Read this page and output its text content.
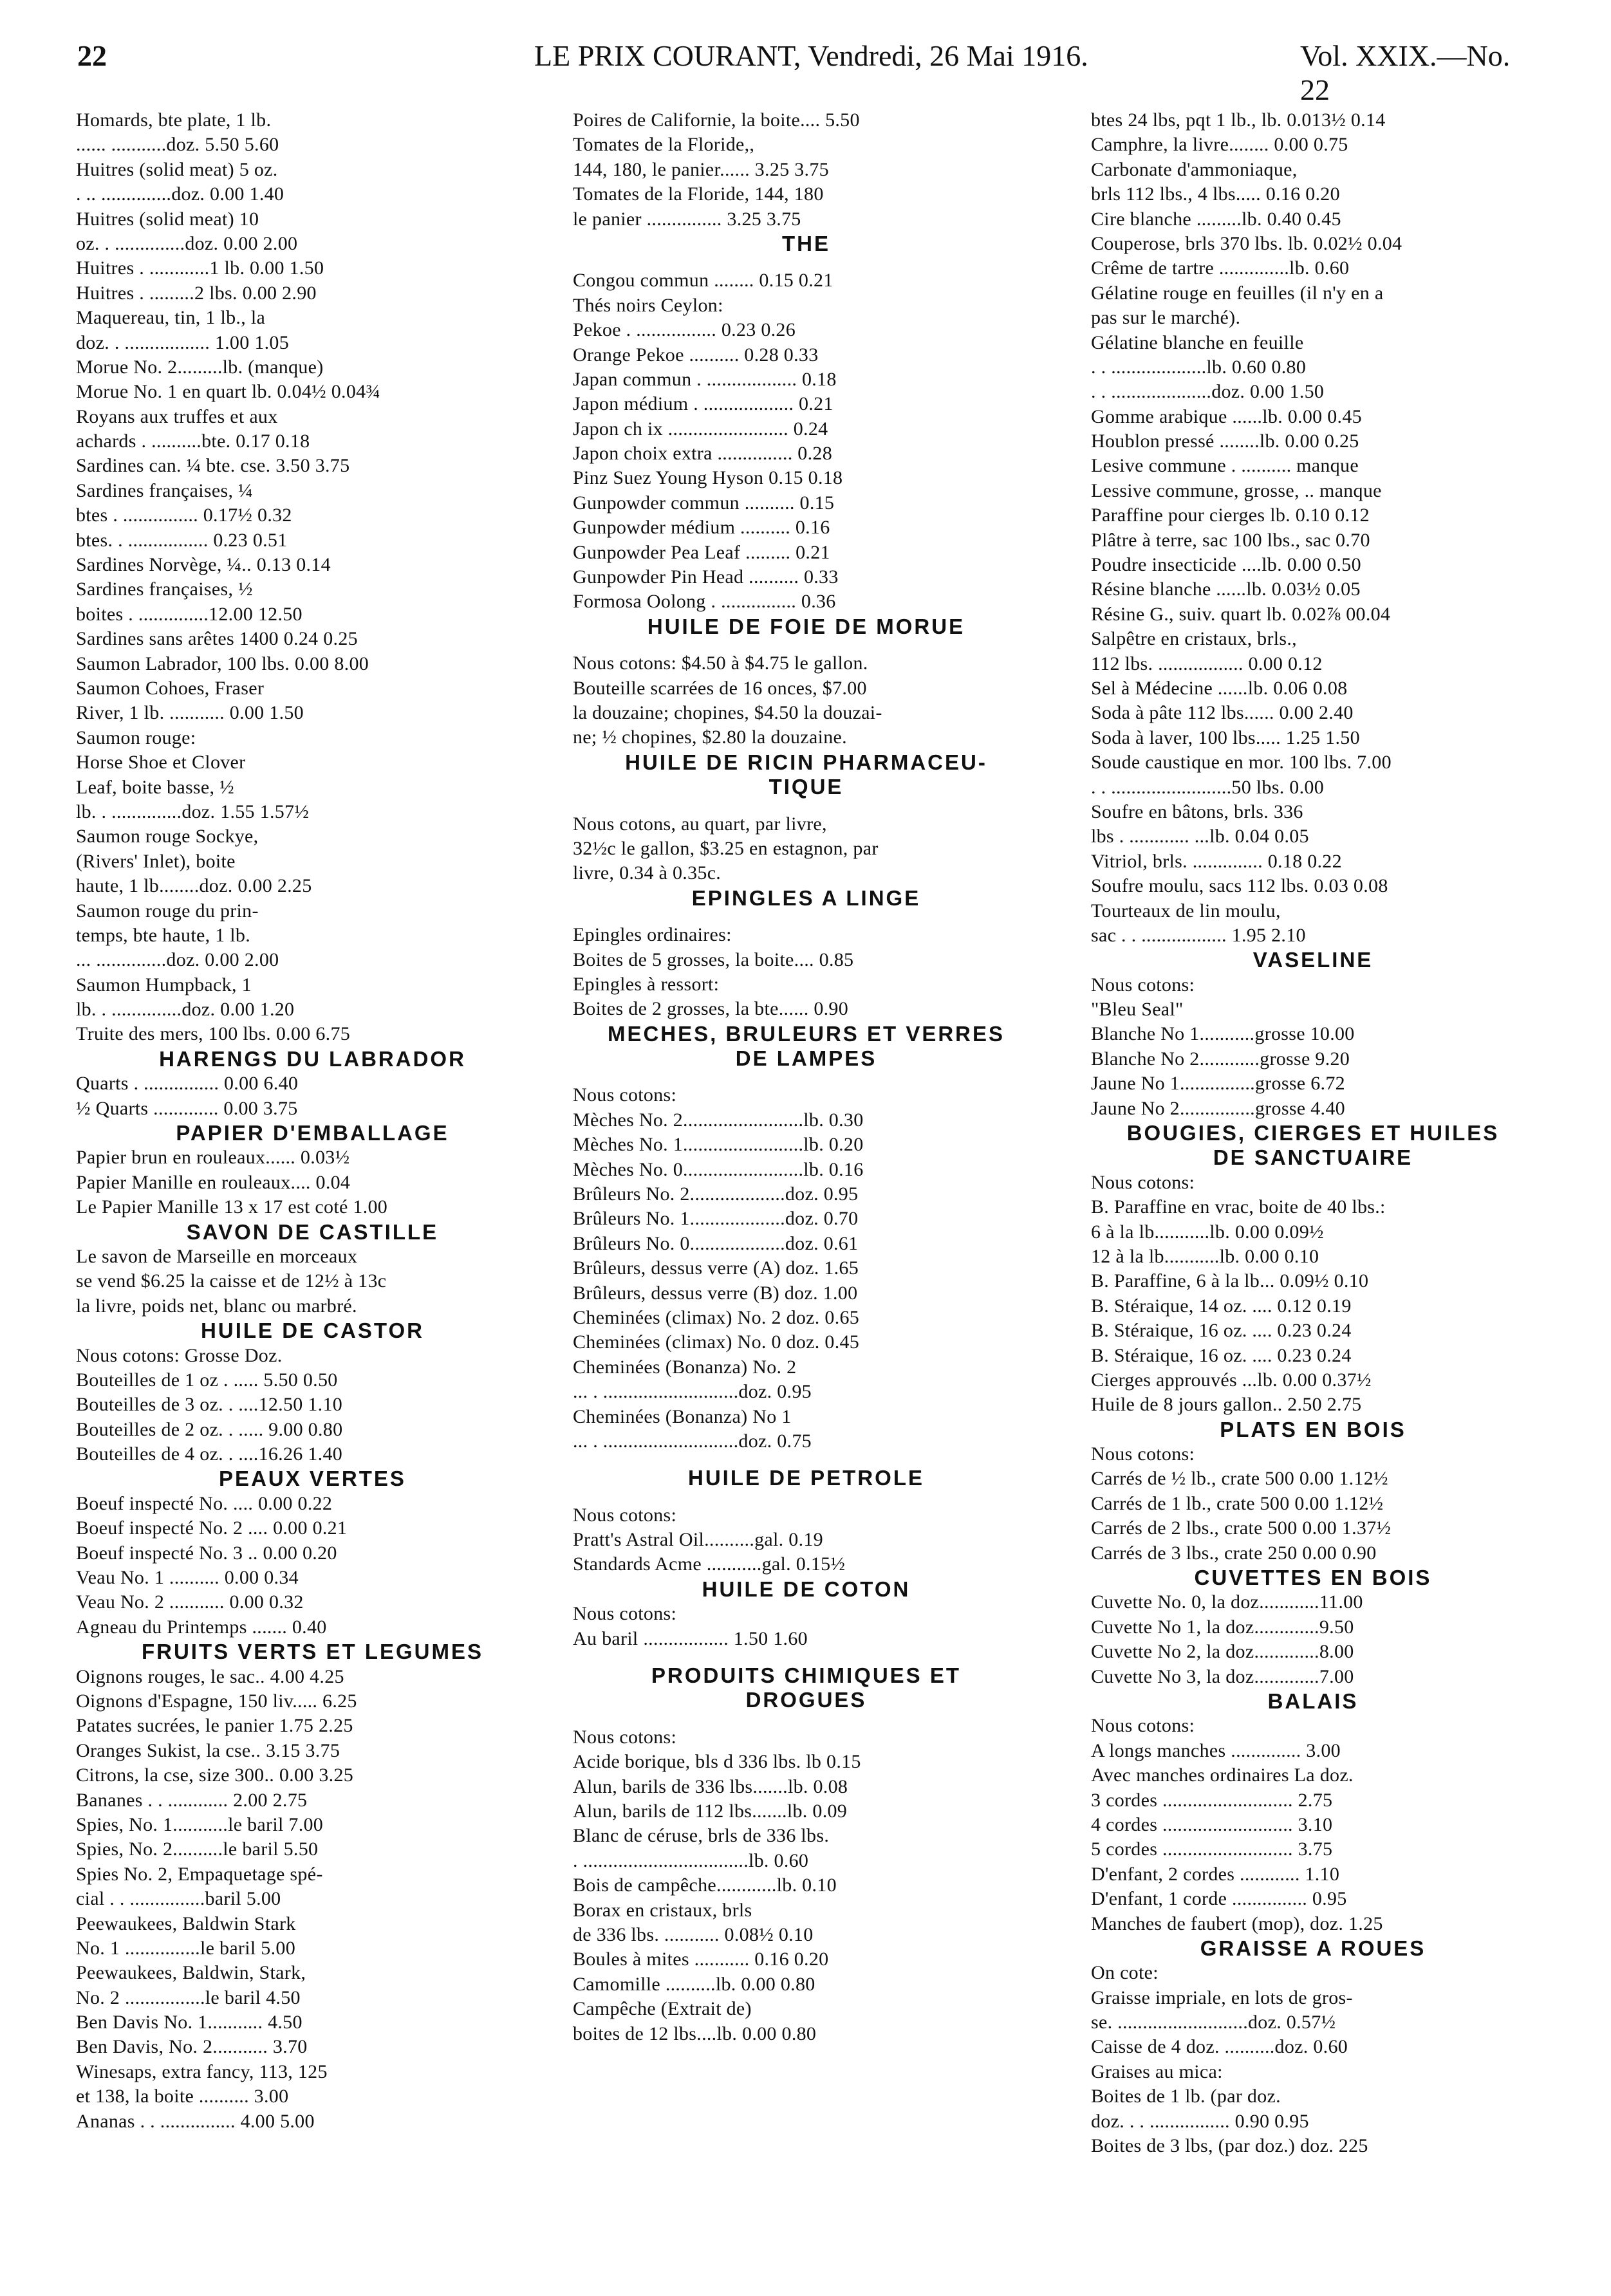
22	LE PRIX COURANT, Vendredi, 26 Mai 1916.	Vol. XXIX.—No. 22
Homards, bte plate, 1 lb.
...... ...........doz. 5.50 5.60
Huitres (solid meat) 5 oz.
. .. ..............doz. 0.00 1.40
Huitres (solid meat) 10
oz. . ..............doz. 0.00 2.00
Huitres . ............1 lb. 0.00 1.50
Huitres . .........2 lbs. 0.00 2.90
Maquereau, tin, 1 lb., la
doz. . ................. 1.00 1.05
Morue No. 2.........lb. (manque)
Morue No. 1 en quart lb. 0.04½ 0.04¾
Royans aux truffes et aux
achards . ..........bte. 0.17 0.18
Sardines can. ¼ bte. cse. 3.50 3.75
Sardines françaises, ¼
btes . ............... 0.17½ 0.32
btes. . ................ 0.23 0.51
Sardines Norvège, ¼.. 0.13 0.14
Sardines françaises, ½
boites . ..............12.00 12.50
Sardines sans arêtes 1400 0.24 0.25
Saumon Labrador, 100 lbs. 0.00 8.00
Saumon Cohoes, Fraser
River, 1 lb. ........... 0.00 1.50
Saumon rouge:
Horse Shoe et Clover
Leaf, boite basse, ½
lb. . ..............doz. 1.55 1.57½
Saumon rouge Sockye,
(Rivers' Inlet), boite
haute, 1 lb........doz. 0.00 2.25
Saumon rouge du prin-
temps, bte haute, 1 lb.
... ..............doz. 0.00 2.00
Saumon Humpback, 1
lb. . ..............doz. 0.00 1.20
Truite des mers, 100 lbs. 0.00 6.75
HARENGS DU LABRADOR
Quarts . ............... 0.00 6.40
½ Quarts ............. 0.00 3.75
PAPIER D'EMBALLAGE
Papier brun en rouleaux...... 0.03½
Papier Manille en rouleaux.... 0.04
Le Papier Manille 13 x 17 est coté 1.00
SAVON DE CASTILLE
Le savon de Marseille en morceaux
se vend $6.25 la caisse et de 12½ à 13c
la livre, poids net, blanc ou marbré.
HUILE DE CASTOR
Nous cotons: Grosse Doz.
Bouteilles de 1 oz . ..... 5.50 0.50
Bouteilles de 3 oz. . ....12.50 1.10
Bouteilles de 2 oz. . ..... 9.00 0.80
Bouteilles de 4 oz. . ....16.26 1.40
PEAUX VERTES
Boeuf inspecté No. .... 0.00 0.22
Boeuf inspecté No. 2 .... 0.00 0.21
Boeuf inspecté No. 3 .. 0.00 0.20
Veau No. 1 .......... 0.00 0.34
Veau No. 2 ........... 0.00 0.32
Agneau du Printemps ....... 0.40
FRUITS VERTS ET LEGUMES
Oignons rouges, le sac.. 4.00 4.25
Oignons d'Espagne, 150 liv..... 6.25
Patates sucrées, le panier 1.75 2.25
Oranges Sukist, la cse.. 3.15 3.75
Citrons, la cse, size 300.. 0.00 3.25
Bananes . . ............ 2.00 2.75
Spies, No. 1...........le baril 7.00
Spies, No. 2..........le baril 5.50
Spies No. 2, Empaquetage spé-
cial . . ...............baril 5.00
Peewaukees, Baldwin Stark
No. 1 ...............le baril 5.00
Peewaukees, Baldwin, Stark,
No. 2 ................le baril 4.50
Ben Davis No. 1........... 4.50
Ben Davis, No. 2........... 3.70
Winesaps, extra fancy, 113, 125
et 138, la boite .......... 3.00
Ananas . . ............... 4.00 5.00
Poires de Californie, la boite.... 5.50
Tomates de la Floride,,
144, 180, le panier...... 3.25 3.75
Tomates de la Floride, 144, 180
le panier ............... 3.25 3.75
THE
Congou commun ........ 0.15 0.21
Thés noirs Ceylon:
Pekoe . ................ 0.23 0.26
Orange Pekoe .......... 0.28 0.33
Japan commun . .................. 0.18
Japon médium . .................. 0.21
Japon ch ix ........................ 0.24
Japon choix extra ............... 0.28
Pinz Suez Young Hyson 0.15 0.18
Gunpowder commun .......... 0.15
Gunpowder médium .......... 0.16
Gunpowder Pea Leaf ......... 0.21
Gunpowder Pin Head .......... 0.33
Formosa Oolong . ............... 0.36
HUILE DE FOIE DE MORUE
Nous cotons: $4.50 à $4.75 le gallon.
Bouteille scarrées de 16 onces, $7.00
la douzaine; chopines, $4.50 la douzai-
ne; ½ chopines, $2.80 la douzaine.
HUILE DE RICIN PHARMACEU-
TIQUE
Nous cotons, au quart, par livre,
32½c le gallon, $3.25 en estagnon, par
livre, 0.34 à 0.35c.
EPINGLES A LINGE
Epingles ordinaires:
Boites de 5 grosses, la boite.... 0.85
Epingles à ressort:
Boites de 2 grosses, la bte...... 0.90
MECHES, BRULEURS ET VERRES
DE LAMPES
Nous cotons:
Mèches No. 2........................lb. 0.30
Mèches No. 1........................lb. 0.20
Mèches No. 0........................lb. 0.16
Brûleurs No. 2...................doz. 0.95
Brûleurs No. 1...................doz. 0.70
Brûleurs No. 0...................doz. 0.61
Brûleurs, dessus verre (A) doz. 1.65
Brûleurs, dessus verre (B) doz. 1.00
Cheminées (climax) No. 2 doz. 0.65
Cheminées (climax) No. 0 doz. 0.45
Cheminées (Bonanza) No. 2
... . ...........................doz. 0.95
Cheminées (Bonanza) No 1
... . ...........................doz. 0.75
HUILE DE PETROLE
Nous cotons:
Pratt's Astral Oil..........gal. 0.19
Standards Acme ...........gal. 0.15½
HUILE DE COTON
Nous cotons:
Au baril ................. 1.50 1.60
PRODUITS CHIMIQUES ET
DROGUES
Nous cotons:
Acide borique, bls d 336 lbs. lb 0.15
Alun, barils de 336 lbs.......lb. 0.08
Alun, barils de 112 lbs.......lb. 0.09
Blanc de céruse, brls de 336 lbs.
. .................................lb. 0.60
Bois de campêche............lb. 0.10
Borax en cristaux, brls
de 336 lbs. ........... 0.08½ 0.10
Boules à mites ........... 0.16 0.20
Camomille ..........lb. 0.00 0.80
Campêche (Extrait de)
boites de 12 lbs....lb. 0.00 0.80
btes 24 lbs, pqt 1 lb., lb. 0.013½ 0.14
Camphre, la livre........ 0.00 0.75
Carbonate d'ammoniaque,
brls 112 lbs., 4 lbs..... 0.16 0.20
Cire blanche .........lb. 0.40 0.45
Couperose, brls 370 lbs. lb. 0.02½ 0.04
Crême de tartre ..............lb. 0.60
Gélatine rouge en feuilles (il n'y en a
pas sur le marché).
Gélatine blanche en feuille
. . ...................lb. 0.60 0.80
. . ....................doz. 0.00 1.50
Gomme arabique ......lb. 0.00 0.45
Houblon pressé ........lb. 0.00 0.25
Lesive commune . .......... manque
Lessive commune, grosse, .. manque
Paraffine pour cierges lb. 0.10 0.12
Plâtre à terre, sac 100 lbs., sac 0.70
Poudre insecticide ....lb. 0.00 0.50
Résine blanche ......lb. 0.03½ 0.05
Résine G., suiv. quart lb. 0.02⅞ 00.04
Salpêtre en cristaux, brls.,
112 lbs. ................. 0.00 0.12
Sel à Médecine ......lb. 0.06 0.08
Soda à pâte 112 lbs...... 0.00 2.40
Soda à laver, 100 lbs..... 1.25 1.50
Soude caustique en mor. 100 lbs. 7.00
. . ........................50 lbs. 0.00
Soufre en bâtons, brls. 336
lbs . ............ ...lb. 0.04 0.05
Vitriol, brls. .............. 0.18 0.22
Soufre moulu, sacs 112 lbs. 0.03 0.08
Tourteaux de lin moulu,
sac . . ................. 1.95 2.10
VASELINE
Nous cotons:
"Bleu Seal"
Blanche No 1...........grosse 10.00
Blanche No 2............grosse 9.20
Jaune No 1...............grosse 6.72
Jaune No 2...............grosse 4.40
BOUGIES, CIERGES ET HUILES
DE SANCTUAIRE
Nous cotons:
B. Paraffine en vrac, boite de 40 lbs.:
6 à la lb...........lb. 0.00 0.09½
12 à la lb...........lb. 0.00 0.10
B. Paraffine, 6 à la lb... 0.09½ 0.10
B. Stéraique, 14 oz. .... 0.12 0.19
B. Stéraique, 16 oz. .... 0.23 0.24
B. Stéraique, 16 oz. .... 0.23 0.24
Cierges approuvés ...lb. 0.00 0.37½
Huile de 8 jours gallon.. 2.50 2.75
PLATS EN BOIS
Nous cotons:
Carrés de ½ lb., crate 500 0.00 1.12½
Carrés de 1 lb., crate 500 0.00 1.12½
Carrés de 2 lbs., crate 500 0.00 1.37½
Carrés de 3 lbs., crate 250 0.00 0.90
CUVETTES EN BOIS
Cuvette No. 0, la doz............11.00
Cuvette No 1, la doz.............9.50
Cuvette No 2, la doz.............8.00
Cuvette No 3, la doz.............7.00
BALAIS
Nous cotons:
A longs manches .............. 3.00
Avec manches ordinaires La doz.
3 cordes .......................... 2.75
4 cordes .......................... 3.10
5 cordes .......................... 3.75
D'enfant, 2 cordes ............ 1.10
D'enfant, 1 corde ............... 0.95
Manches de faubert (mop), doz. 1.25
GRAISSE A ROUES
On cote:
Graisse impriale, en lots de gros-
se. ..........................doz. 0.57½
Caisse de 4 doz. ..........doz. 0.60
Graises au mica:
Boites de 1 lb. (par doz.
doz. . . ................ 0.90 0.95
Boites de 3 lbs, (par doz.) doz. 225
